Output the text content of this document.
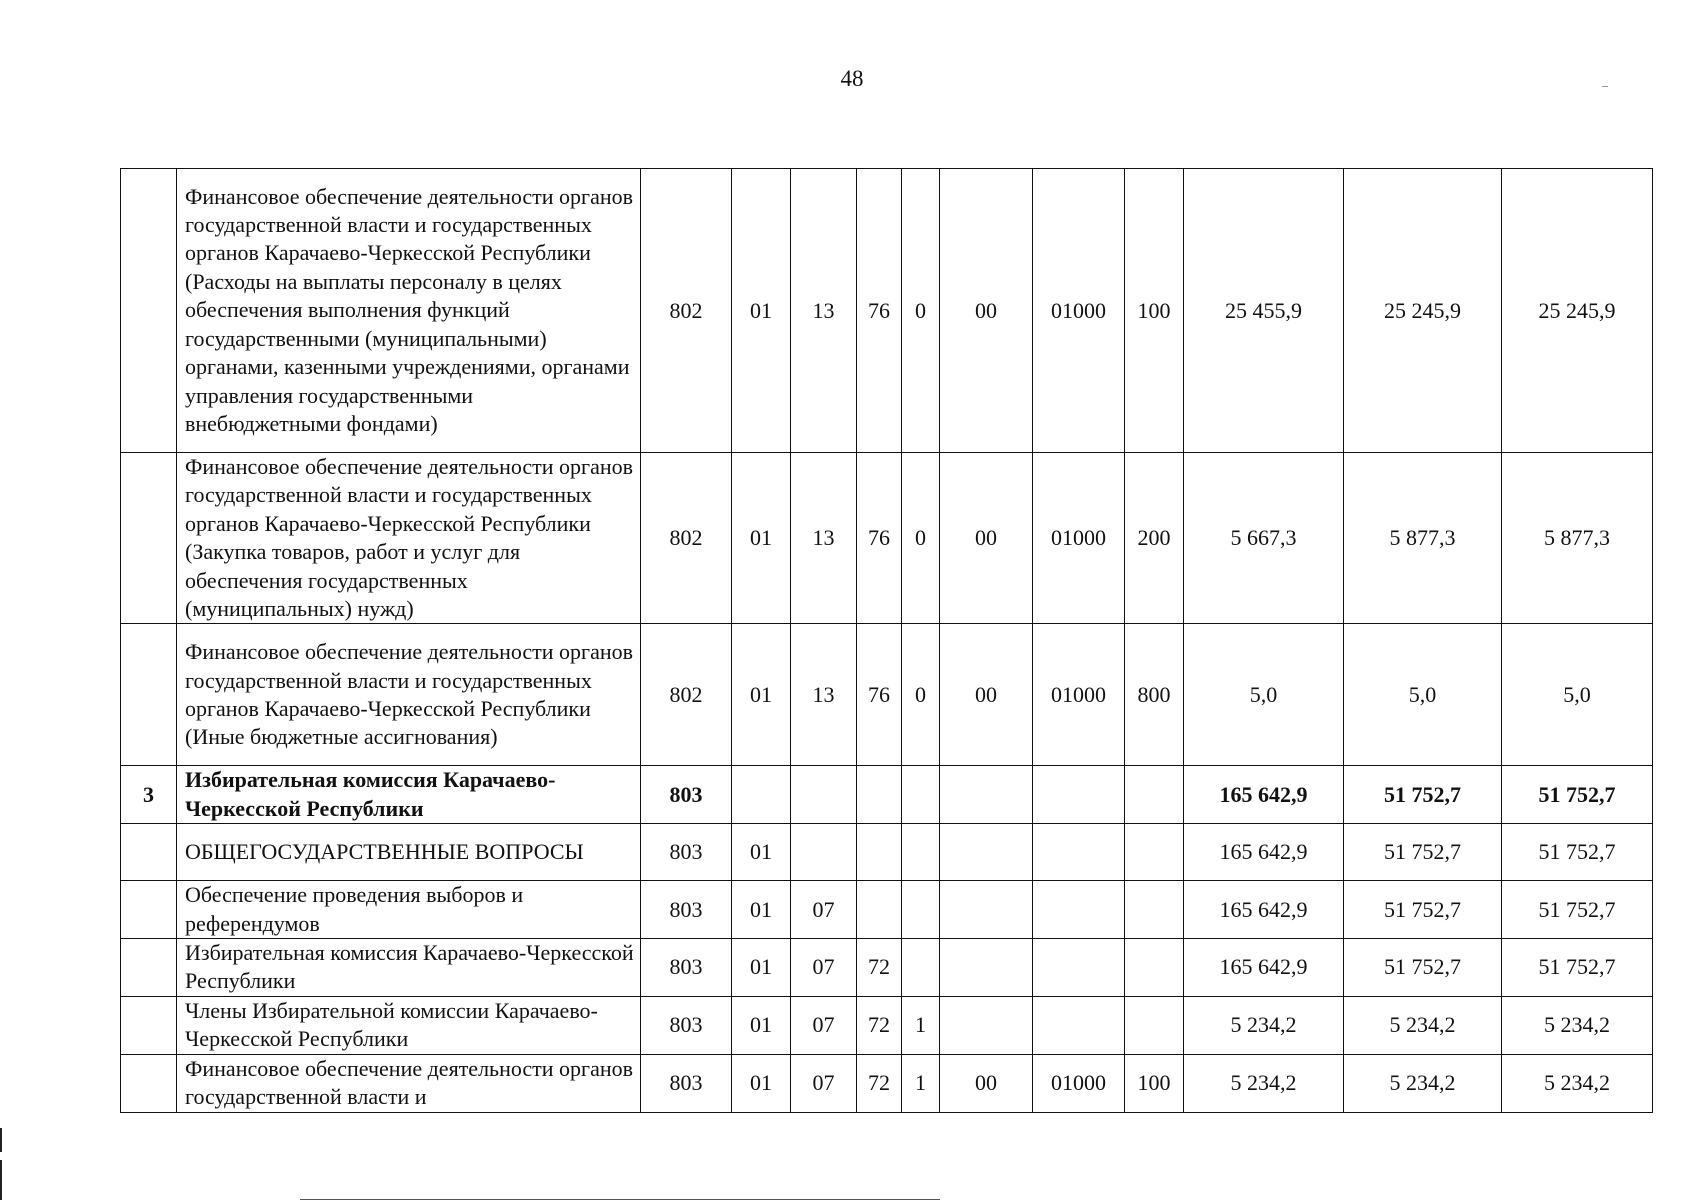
48
	Финансовое обеспечение деятельности органов государственной власти и государственных органов Карачаево-Черкесской Республики (Расходы на выплаты персоналу в целях обеспечения выполнения функций государственными (муниципальными) органами, казенными учреждениями, органами управления государственными внебюджетными фондами)	802	01	13	76	0	00	01000	100	25 455,9	25 245,9	25 245,9
	Финансовое обеспечение деятельности органов государственной власти и государственных органов Карачаево-Черкесской Республики (Закупка товаров, работ и услуг для обеспечения государственных (муниципальных) нужд)	802	01	13	76	0	00	01000	200	5 667,3	5 877,3	5 877,3
	Финансовое обеспечение деятельности органов государственной власти и государственных органов Карачаево-Черкесской Республики (Иные бюджетные ассигнования)	802	01	13	76	0	00	01000	800	5,0	5,0	5,0
3	Избирательная комиссия Карачаево-Черкесской Республики	803								165 642,9	51 752,7	51 752,7
	ОБЩЕГОСУДАРСТВЕННЫЕ ВОПРОСЫ	803	01							165 642,9	51 752,7	51 752,7
	Обеспечение проведения выборов и референдумов	803	01	07						165 642,9	51 752,7	51 752,7
	Избирательная комиссия Карачаево-Черкесской Республики	803	01	07	72					165 642,9	51 752,7	51 752,7
	Члены Избирательной комиссии Карачаево-Черкесской Республики	803	01	07	72	1				5 234,2	5 234,2	5 234,2
	Финансовое обеспечение деятельности органов государственной власти и	803	01	07	72	1	00	01000	100	5 234,2	5 234,2	5 234,2
